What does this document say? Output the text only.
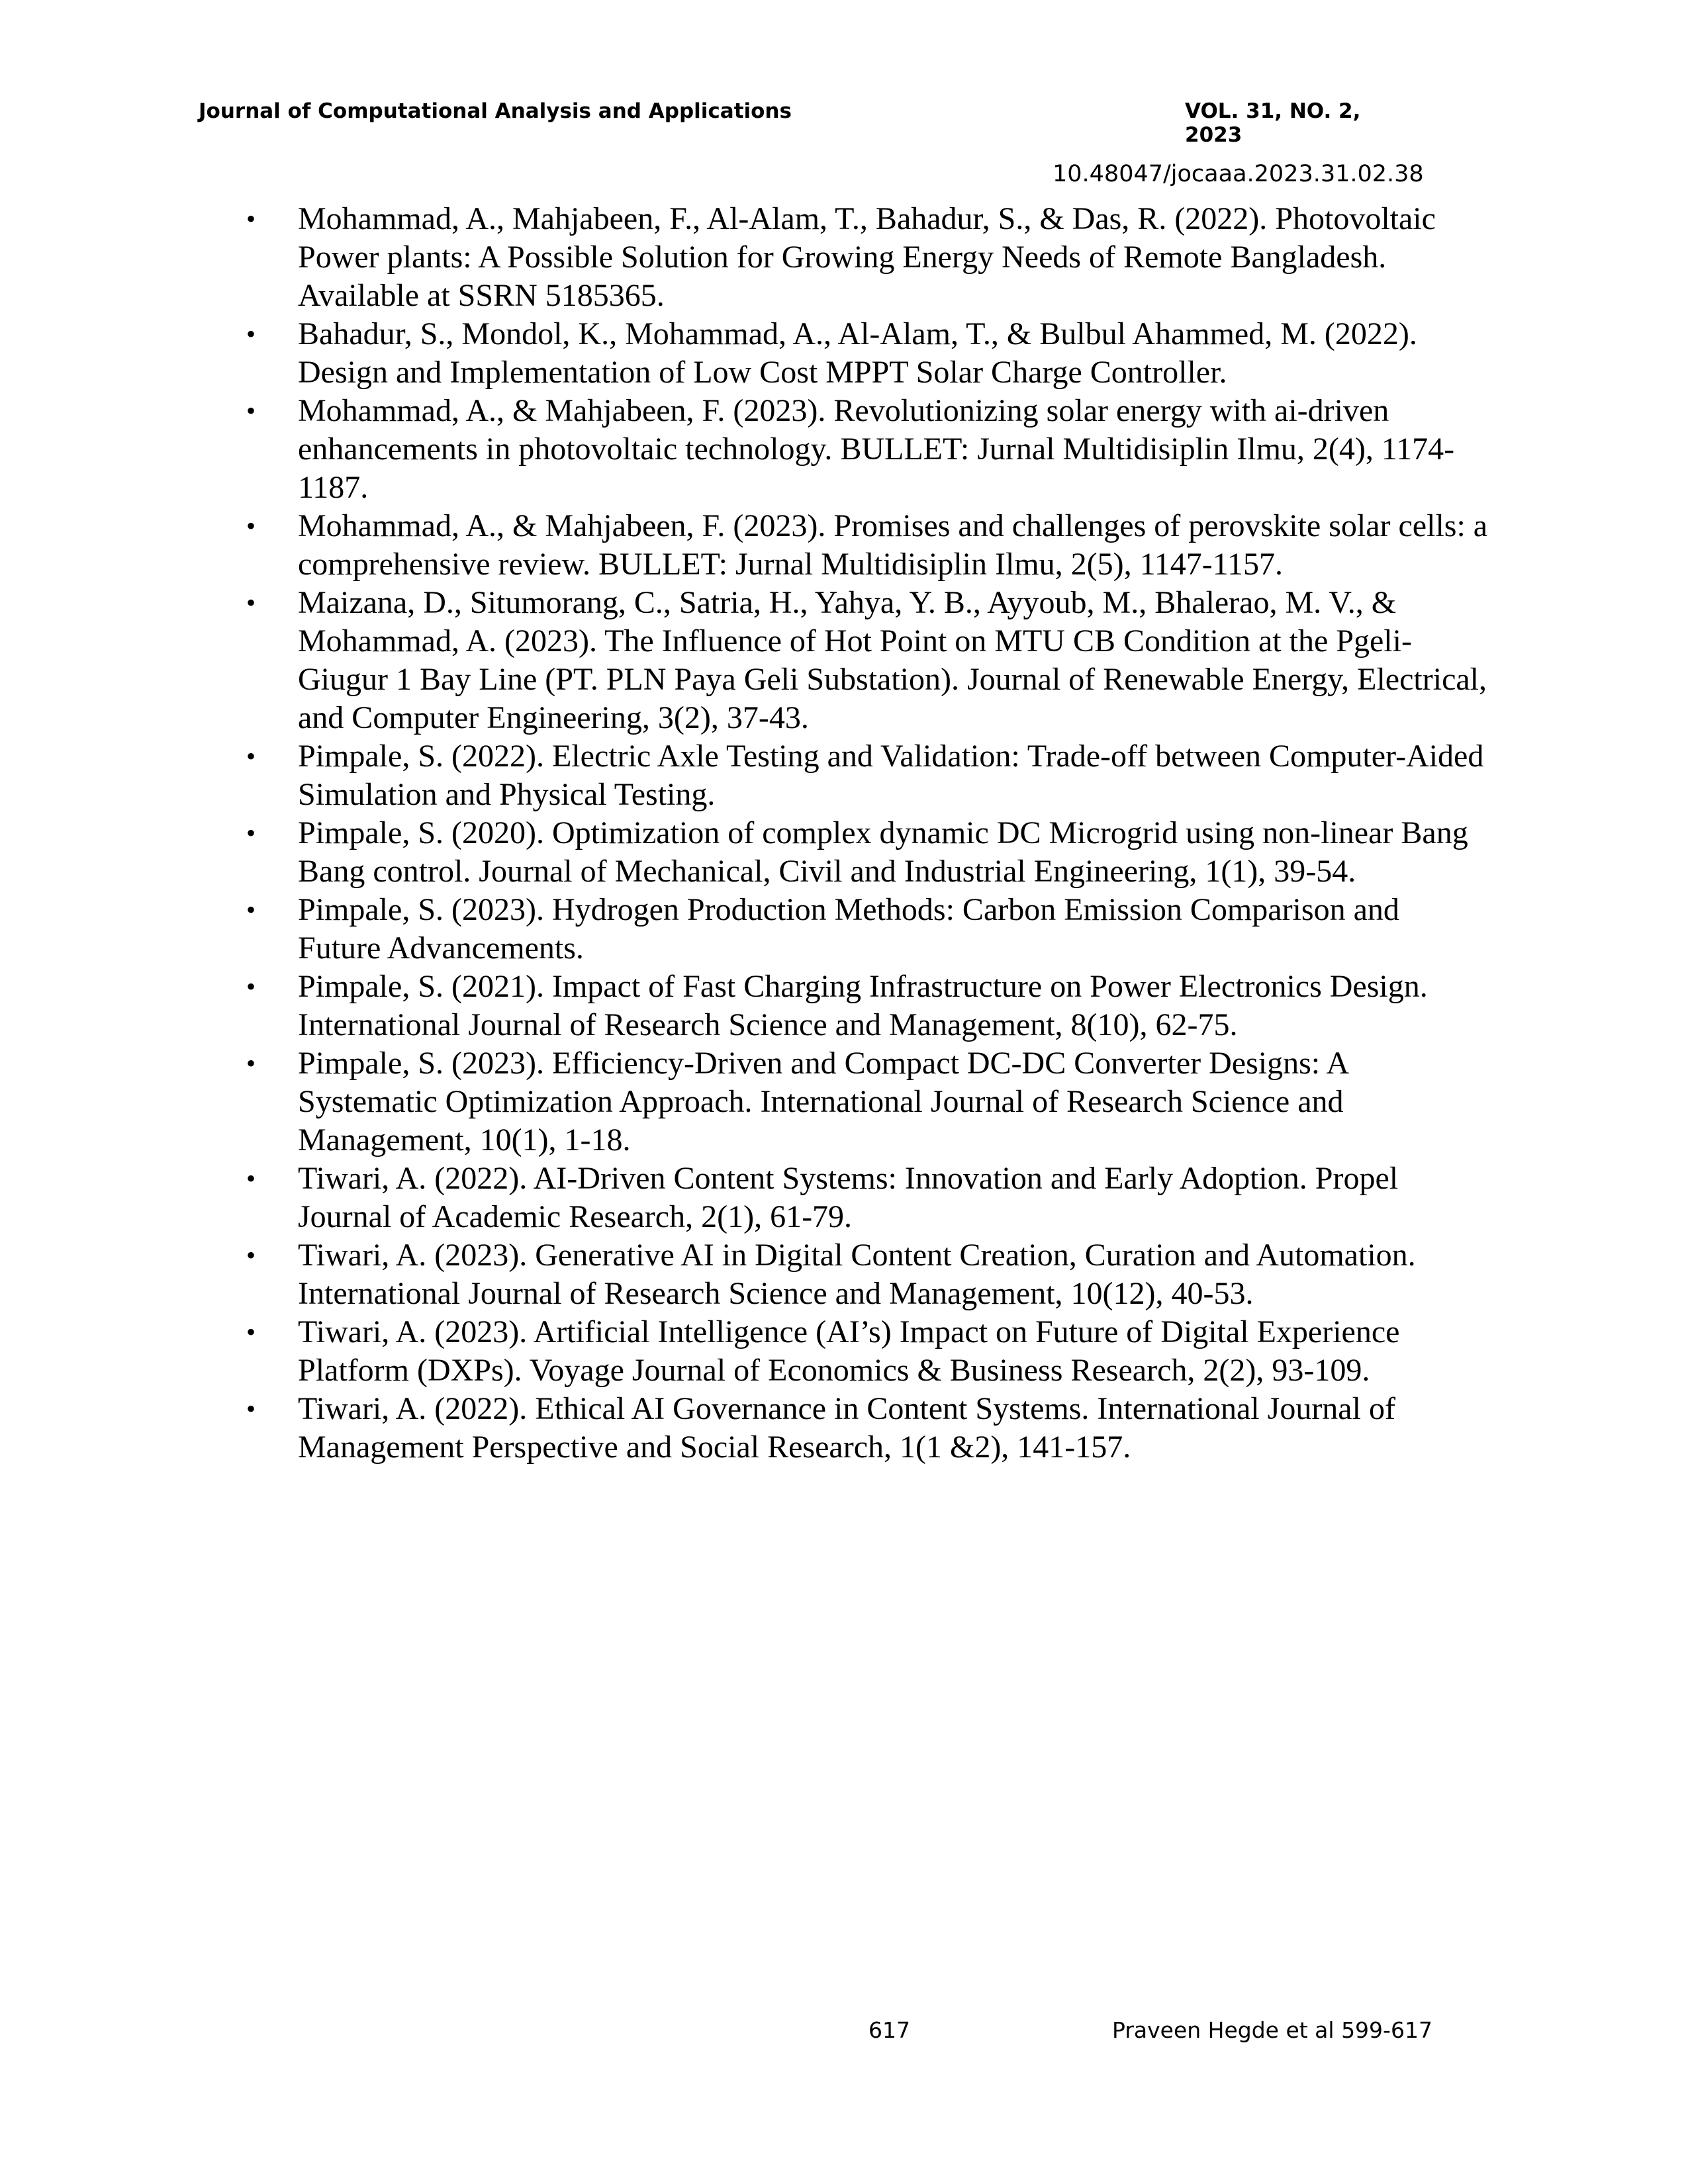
Journal of Computational Analysis and Applications	VOL. 31, NO. 2, 2023
10.48047/jocaaa.2023.31.02.38
• Mohammad, A., Mahjabeen, F., Al-Alam, T., Bahadur, S., & Das, R. (2022). Photovoltaic Power plants: A Possible Solution for Growing Energy Needs of Remote Bangladesh. Available at SSRN 5185365.
• Bahadur, S., Mondol, K., Mohammad, A., Al-Alam, T., & Bulbul Ahammed, M. (2022). Design and Implementation of Low Cost MPPT Solar Charge Controller.
• Mohammad, A., & Mahjabeen, F. (2023). Revolutionizing solar energy with ai-driven enhancements in photovoltaic technology. BULLET: Jurnal Multidisiplin Ilmu, 2(4), 1174-1187.
• Mohammad, A., & Mahjabeen, F. (2023). Promises and challenges of perovskite solar cells: a comprehensive review. BULLET: Jurnal Multidisiplin Ilmu, 2(5), 1147-1157.
• Maizana, D., Situmorang, C., Satria, H., Yahya, Y. B., Ayyoub, M., Bhalerao, M. V., & Mohammad, A. (2023). The Influence of Hot Point on MTU CB Condition at the Pgeli-Giugur 1 Bay Line (PT. PLN Paya Geli Substation). Journal of Renewable Energy, Electrical, and Computer Engineering, 3(2), 37-43.
• Pimpale, S. (2022). Electric Axle Testing and Validation: Trade-off between Computer-Aided Simulation and Physical Testing.
• Pimpale, S. (2020). Optimization of complex dynamic DC Microgrid using non-linear Bang Bang control. Journal of Mechanical, Civil and Industrial Engineering, 1(1), 39-54.
• Pimpale, S. (2023). Hydrogen Production Methods: Carbon Emission Comparison and Future Advancements.
• Pimpale, S. (2021). Impact of Fast Charging Infrastructure on Power Electronics Design. International Journal of Research Science and Management, 8(10), 62-75.
• Pimpale, S. (2023). Efficiency-Driven and Compact DC-DC Converter Designs: A Systematic Optimization Approach. International Journal of Research Science and Management, 10(1), 1-18.
• Tiwari, A. (2022). AI-Driven Content Systems: Innovation and Early Adoption. Propel Journal of Academic Research, 2(1), 61-79.
• Tiwari, A. (2023). Generative AI in Digital Content Creation, Curation and Automation. International Journal of Research Science and Management, 10(12), 40-53.
• Tiwari, A. (2023). Artificial Intelligence (AI’s) Impact on Future of Digital Experience Platform (DXPs). Voyage Journal of Economics & Business Research, 2(2), 93-109.
• Tiwari, A. (2022). Ethical AI Governance in Content Systems. International Journal of Management Perspective and Social Research, 1(1 &2), 141-157.
617	Praveen Hegde et al 599-617
